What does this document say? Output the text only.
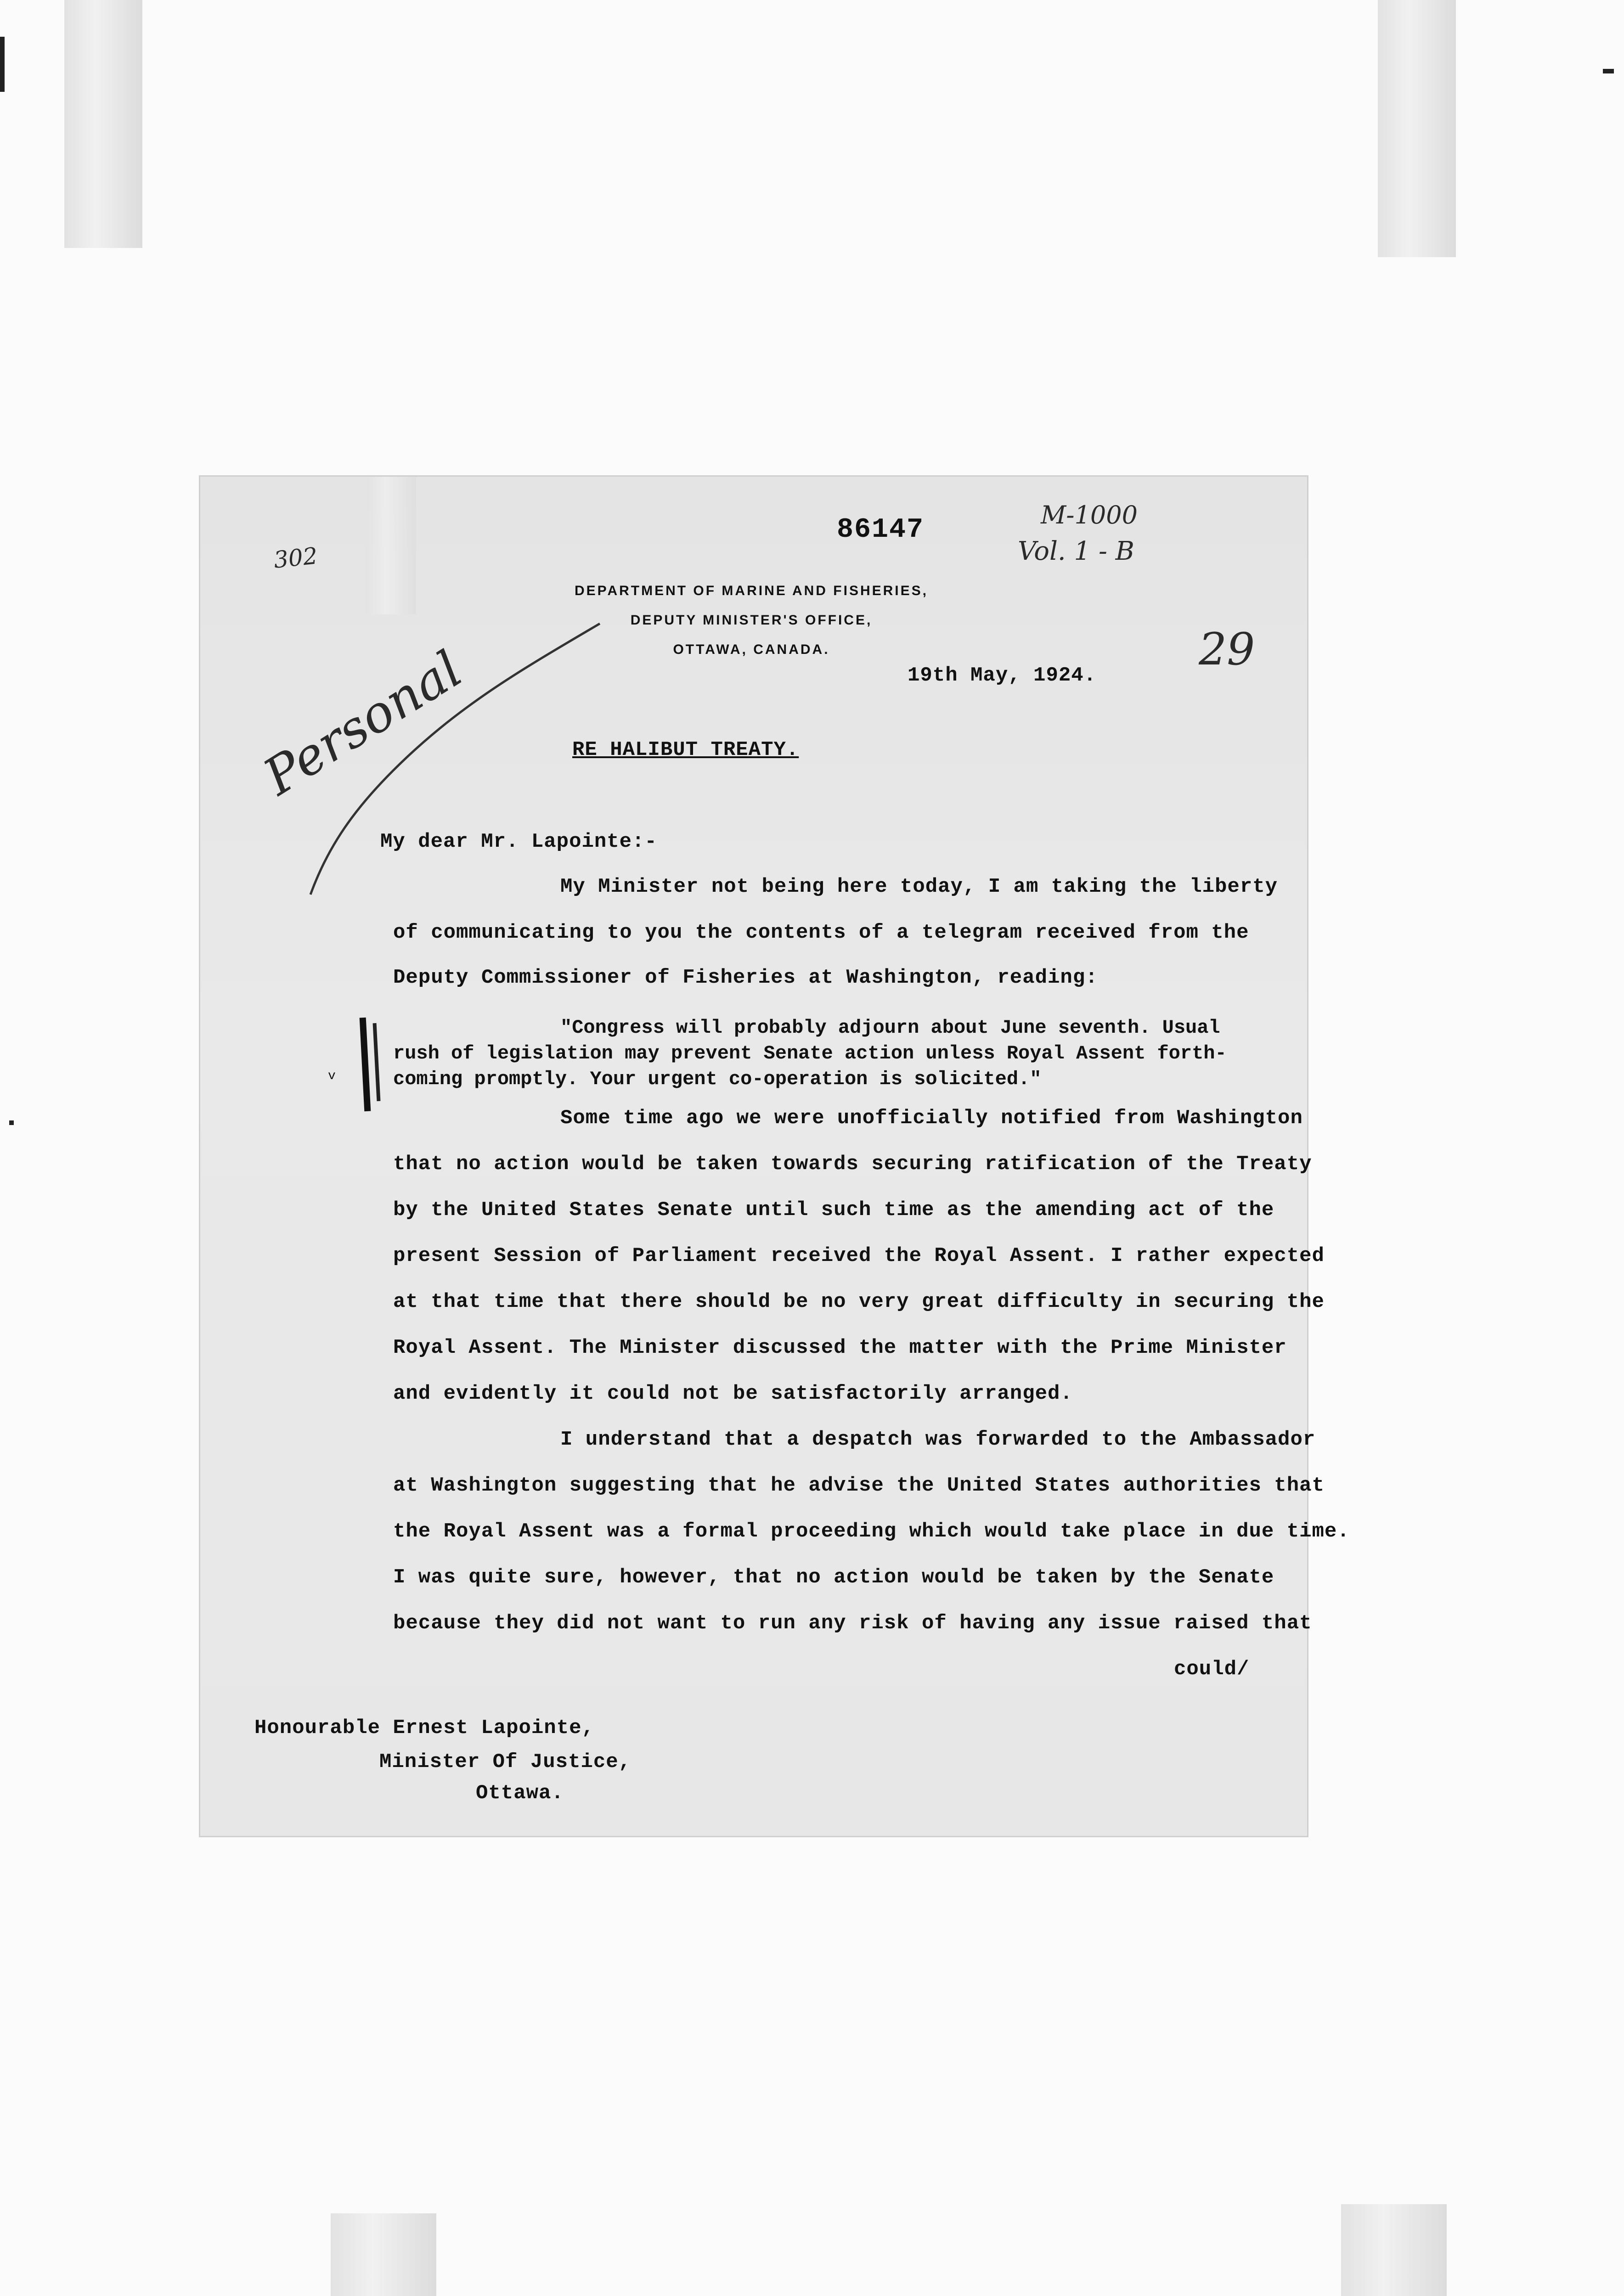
302
86147	M-1000
Vol. 1 - B
DEPARTMENT OF MARINE AND FISHERIES,
DEPUTY MINISTER'S OFFICE,
OTTAWA, CANADA.	29
19th May, 1924.
Personal	RE HALIBUT TREATY.
My dear Mr. Lapointe:-
My Minister not being here today, I am taking the liberty
of communicating to you the contents of a telegram received from the
Deputy Commissioner of Fisheries at Washington, reading:
v
"Congress will probably adjourn about June seventh. Usual
rush of legislation may prevent Senate action unless Royal Assent forth-
coming promptly. Your urgent co-operation is solicited."
Some time ago we were unofficially notified from Washington
that no action would be taken towards securing ratification of the Treaty
by the United States Senate until such time as the amending act of the
present Session of Parliament received the Royal Assent. I rather expected
at that time that there should be no very great difficulty in securing the
Royal Assent. The Minister discussed the matter with the Prime Minister
and evidently it could not be satisfactorily arranged.
I understand that a despatch was forwarded to the Ambassador
at Washington suggesting that he advise the United States authorities that
the Royal Assent was a formal proceeding which would take place in due time.
I was quite sure, however, that no action would be taken by the Senate
because they did not want to run any risk of having any issue raised that
could/
Honourable Ernest Lapointe,
Minister Of Justice,
Ottawa.
